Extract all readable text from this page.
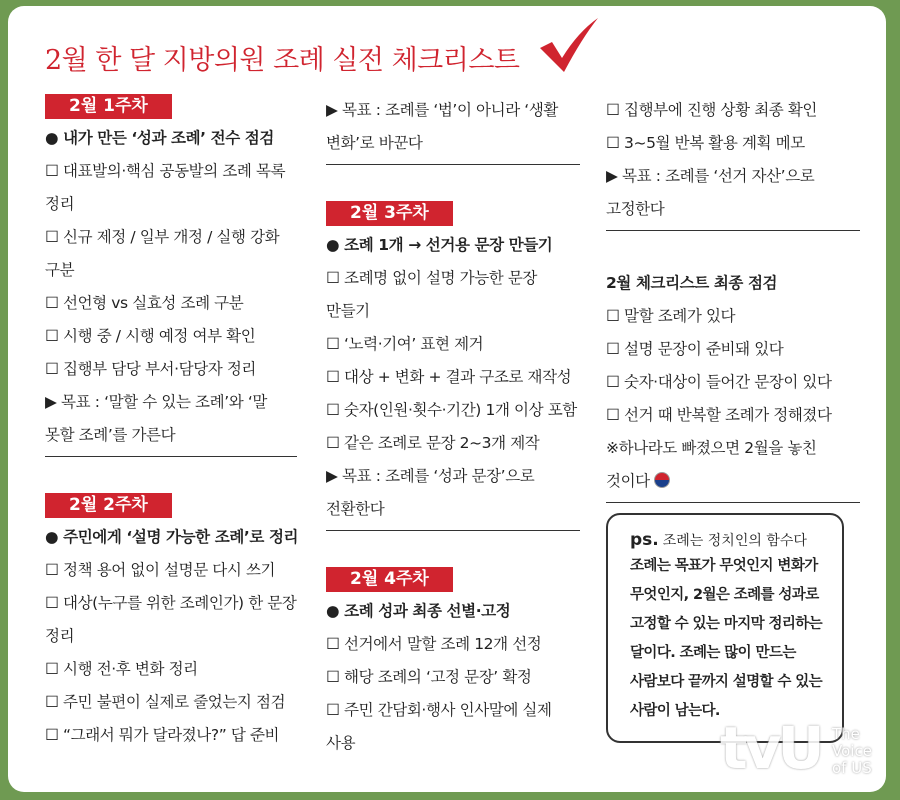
2월 한 달 지방의원 조례 실전 체크리스트
2월 1주차
● 내가 만든 ‘성과 조례’ 전수 점검
☐ 대표발의·핵심 공동발의 조례 목록 정리
☐ 신규 제정 / 일부 개정 / 실행 강화 구분
☐ 선언형 vs 실효성 조례 구분
☐ 시행 중 / 시행 예정 여부 확인
☐ 집행부 담당 부서·담당자 정리
▶ 목표 : ‘말할 수 있는 조례’와 ‘말 못할 조례’를 가른다
2월 2주차
● 주민에게 ‘설명 가능한 조례’로 정리
☐ 정책 용어 없이 설명문 다시 쓰기
☐ 대상(누구를 위한 조례인가) 한 문장 정리
☐ 시행 전·후 변화 정리
☐ 주민 불편이 실제로 줄었는지 점검
☐ “그래서 뭐가 달라졌나?” 답 준비
▶ 목표 : 조례를 ‘법’이 아니라 ‘생활 변화’로 바꾼다
2월 3주차
● 조례 1개 → 선거용 문장 만들기
☐ 조례명 없이 설명 가능한 문장 만들기
☐ ‘노력·기여’ 표현 제거
☐ 대상 + 변화 + 결과 구조로 재작성
☐ 숫자(인원·횟수·기간) 1개 이상 포함
☐ 같은 조례로 문장 2~3개 제작
▶ 목표 : 조례를 ‘성과 문장’으로 전환한다
2월 4주차
● 조례 성과 최종 선별·고정
☐ 선거에서 말할 조례 12개 선정
☐ 해당 조례의 ‘고정 문장’ 확정
☐ 주민 간담회·행사 인사말에 실제 사용
☐ 집행부에 진행 상황 최종 확인
☐ 3~5월 반복 활용 계획 메모
▶ 목표 : 조례를 ‘선거 자산’으로 고정한다
2월 체크리스트 최종 점검
☐ 말할 조례가 있다
☐ 설명 문장이 준비돼 있다
☐ 숫자·대상이 들어간 문장이 있다
☐ 선거 때 반복할 조례가 정해졌다
※하나라도 빠졌으면 2월을 놓친 것이다
ps. 조례는 정치인의 함수다
조례는 목표가 무엇인지 변화가 무엇인지, 2월은 조례를 성과로 고정할 수 있는 마지막 정리하는 달이다. 조례는 많이 만드는 사람보다 끝까지 설명할 수 있는 사람이 남는다.
tvU The
Voice
of US
